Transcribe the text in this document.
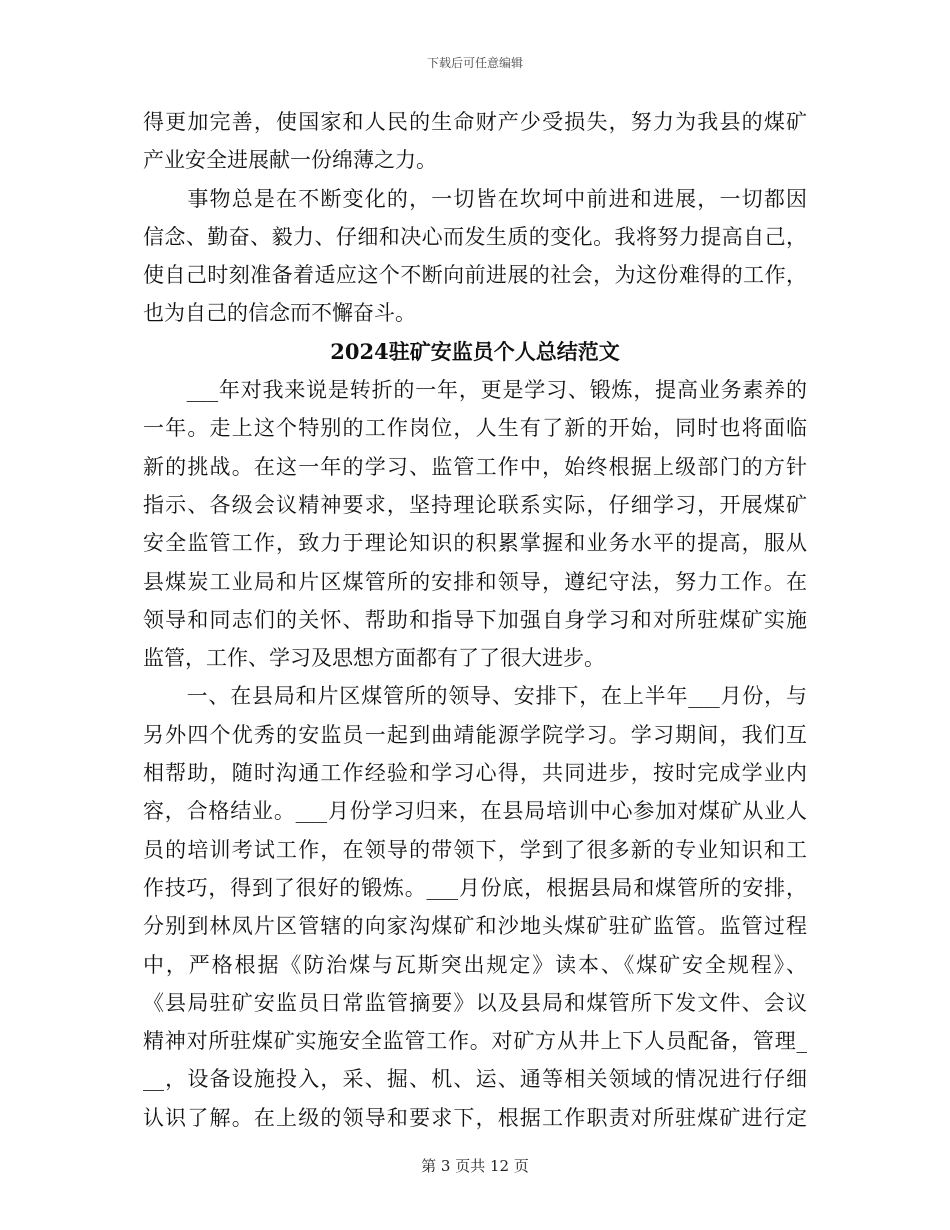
下载后可任意编辑
得更加完善，使国家和人民的生命财产少受损失，努力为我县的煤矿
产业安全进展献一份绵薄之力。
　　事物总是在不断变化的，一切皆在坎坷中前进和进展，一切都因
信念、勤奋、毅力、仔细和决心而发生质的变化。我将努力提高自己，
使自己时刻准备着适应这个不断向前进展的社会，为这份难得的工作，
也为自己的信念而不懈奋斗。
2024驻矿安监员个人总结范文
　　___年对我来说是转折的一年，更是学习、锻炼，提高业务素养的
一年。走上这个特别的工作岗位，人生有了新的开始，同时也将面临
新的挑战。在这一年的学习、监管工作中，始终根据上级部门的方针
指示、各级会议精神要求，坚持理论联系实际，仔细学习，开展煤矿
安全监管工作，致力于理论知识的积累掌握和业务水平的提高，服从
县煤炭工业局和片区煤管所的安排和领导，遵纪守法，努力工作。在
领导和同志们的关怀、帮助和指导下加强自身学习和对所驻煤矿实施
监管，工作、学习及思想方面都有了了很大进步。
　　一、在县局和片区煤管所的领导、安排下，在上半年___月份，与
另外四个优秀的安监员一起到曲靖能源学院学习。学习期间，我们互
相帮助，随时沟通工作经验和学习心得，共同进步，按时完成学业内
容，合格结业。___月份学习归来，在县局培训中心参加对煤矿从业人
员的培训考试工作，在领导的带领下，学到了很多新的专业知识和工
作技巧，得到了很好的锻炼。___月份底，根据县局和煤管所的安排，
分别到林凤片区管辖的向家沟煤矿和沙地头煤矿驻矿监管。监管过程
中，严格根据《防治煤与瓦斯突出规定》读本、《煤矿安全规程》、
《县局驻矿安监员日常监管摘要》以及县局和煤管所下发文件、会议
精神对所驻煤矿实施安全监管工作。对矿方从井上下人员配备，管理_
__，设备设施投入，采、掘、机、运、通等相关领域的情况进行仔细
认识了解。在上级的领导和要求下，根据工作职责对所驻煤矿进行定
第 3 页共 12 页
